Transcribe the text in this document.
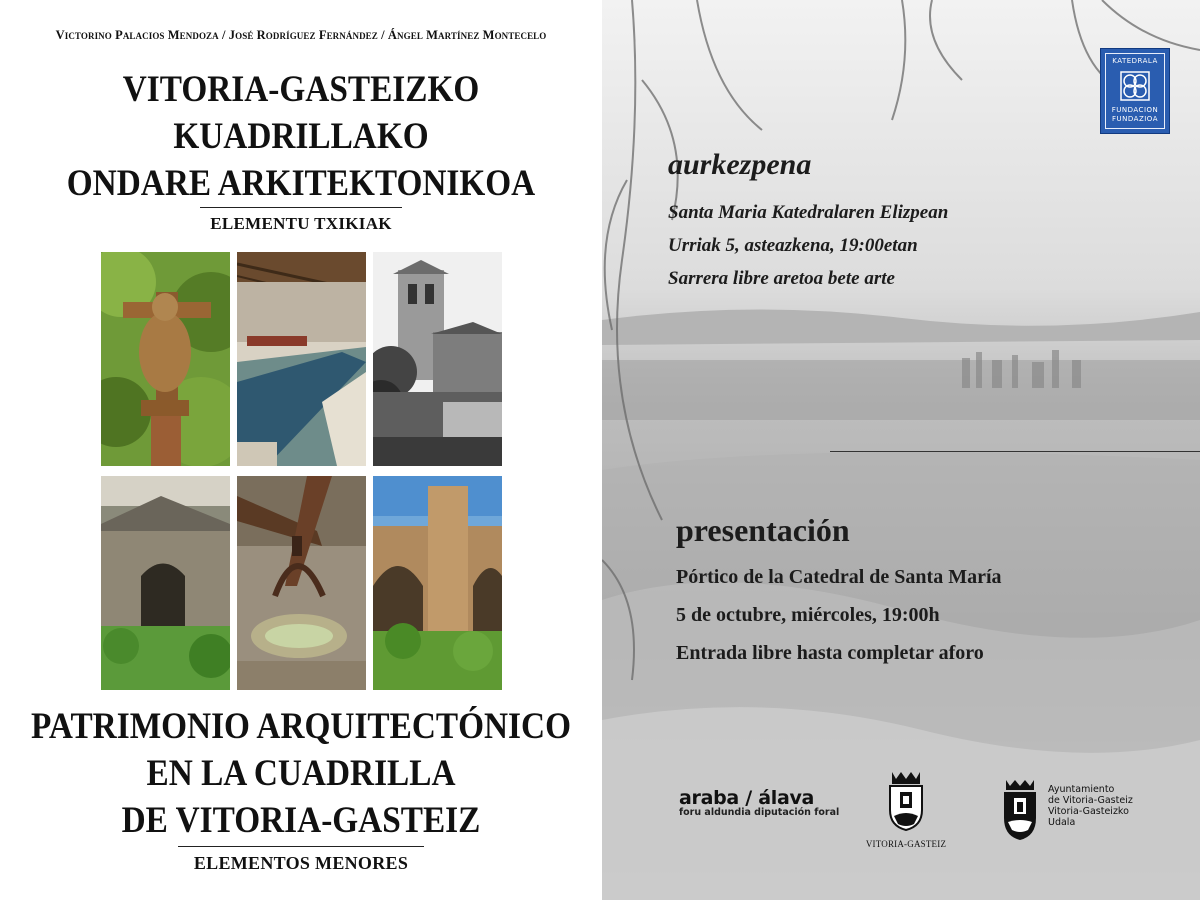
Victorino Palacios Mendoza / José Rodríguez Fernández / Ángel Martínez Montecelo
VITORIA-GASTEIZKO
KUADRILLAKO
ONDARE ARKITEKTONIKOA
ELEMENTU TXIKIAK
PATRIMONIO ARQUITECTÓNICO
EN LA CUADRILLA
DE VITORIA-GASTEIZ
ELEMENTOS MENORES
KATEDRALA
FUNDACION
FUNDAZIOA
aurkezpena
Santa Maria Katedralaren Elizpean
Urriak 5, asteazkena, 19:00etan
Sarrera libre aretoa bete arte
presentación
Pórtico de la Catedral de Santa María
5 de octubre, miércoles, 19:00h
Entrada libre hasta completar aforo
araba / álava
foru aldundia diputación foral
VITORIA-GASTEIZ
Ayuntamiento
de Vitoria-Gasteiz
Vitoria-Gasteizko
Udala
